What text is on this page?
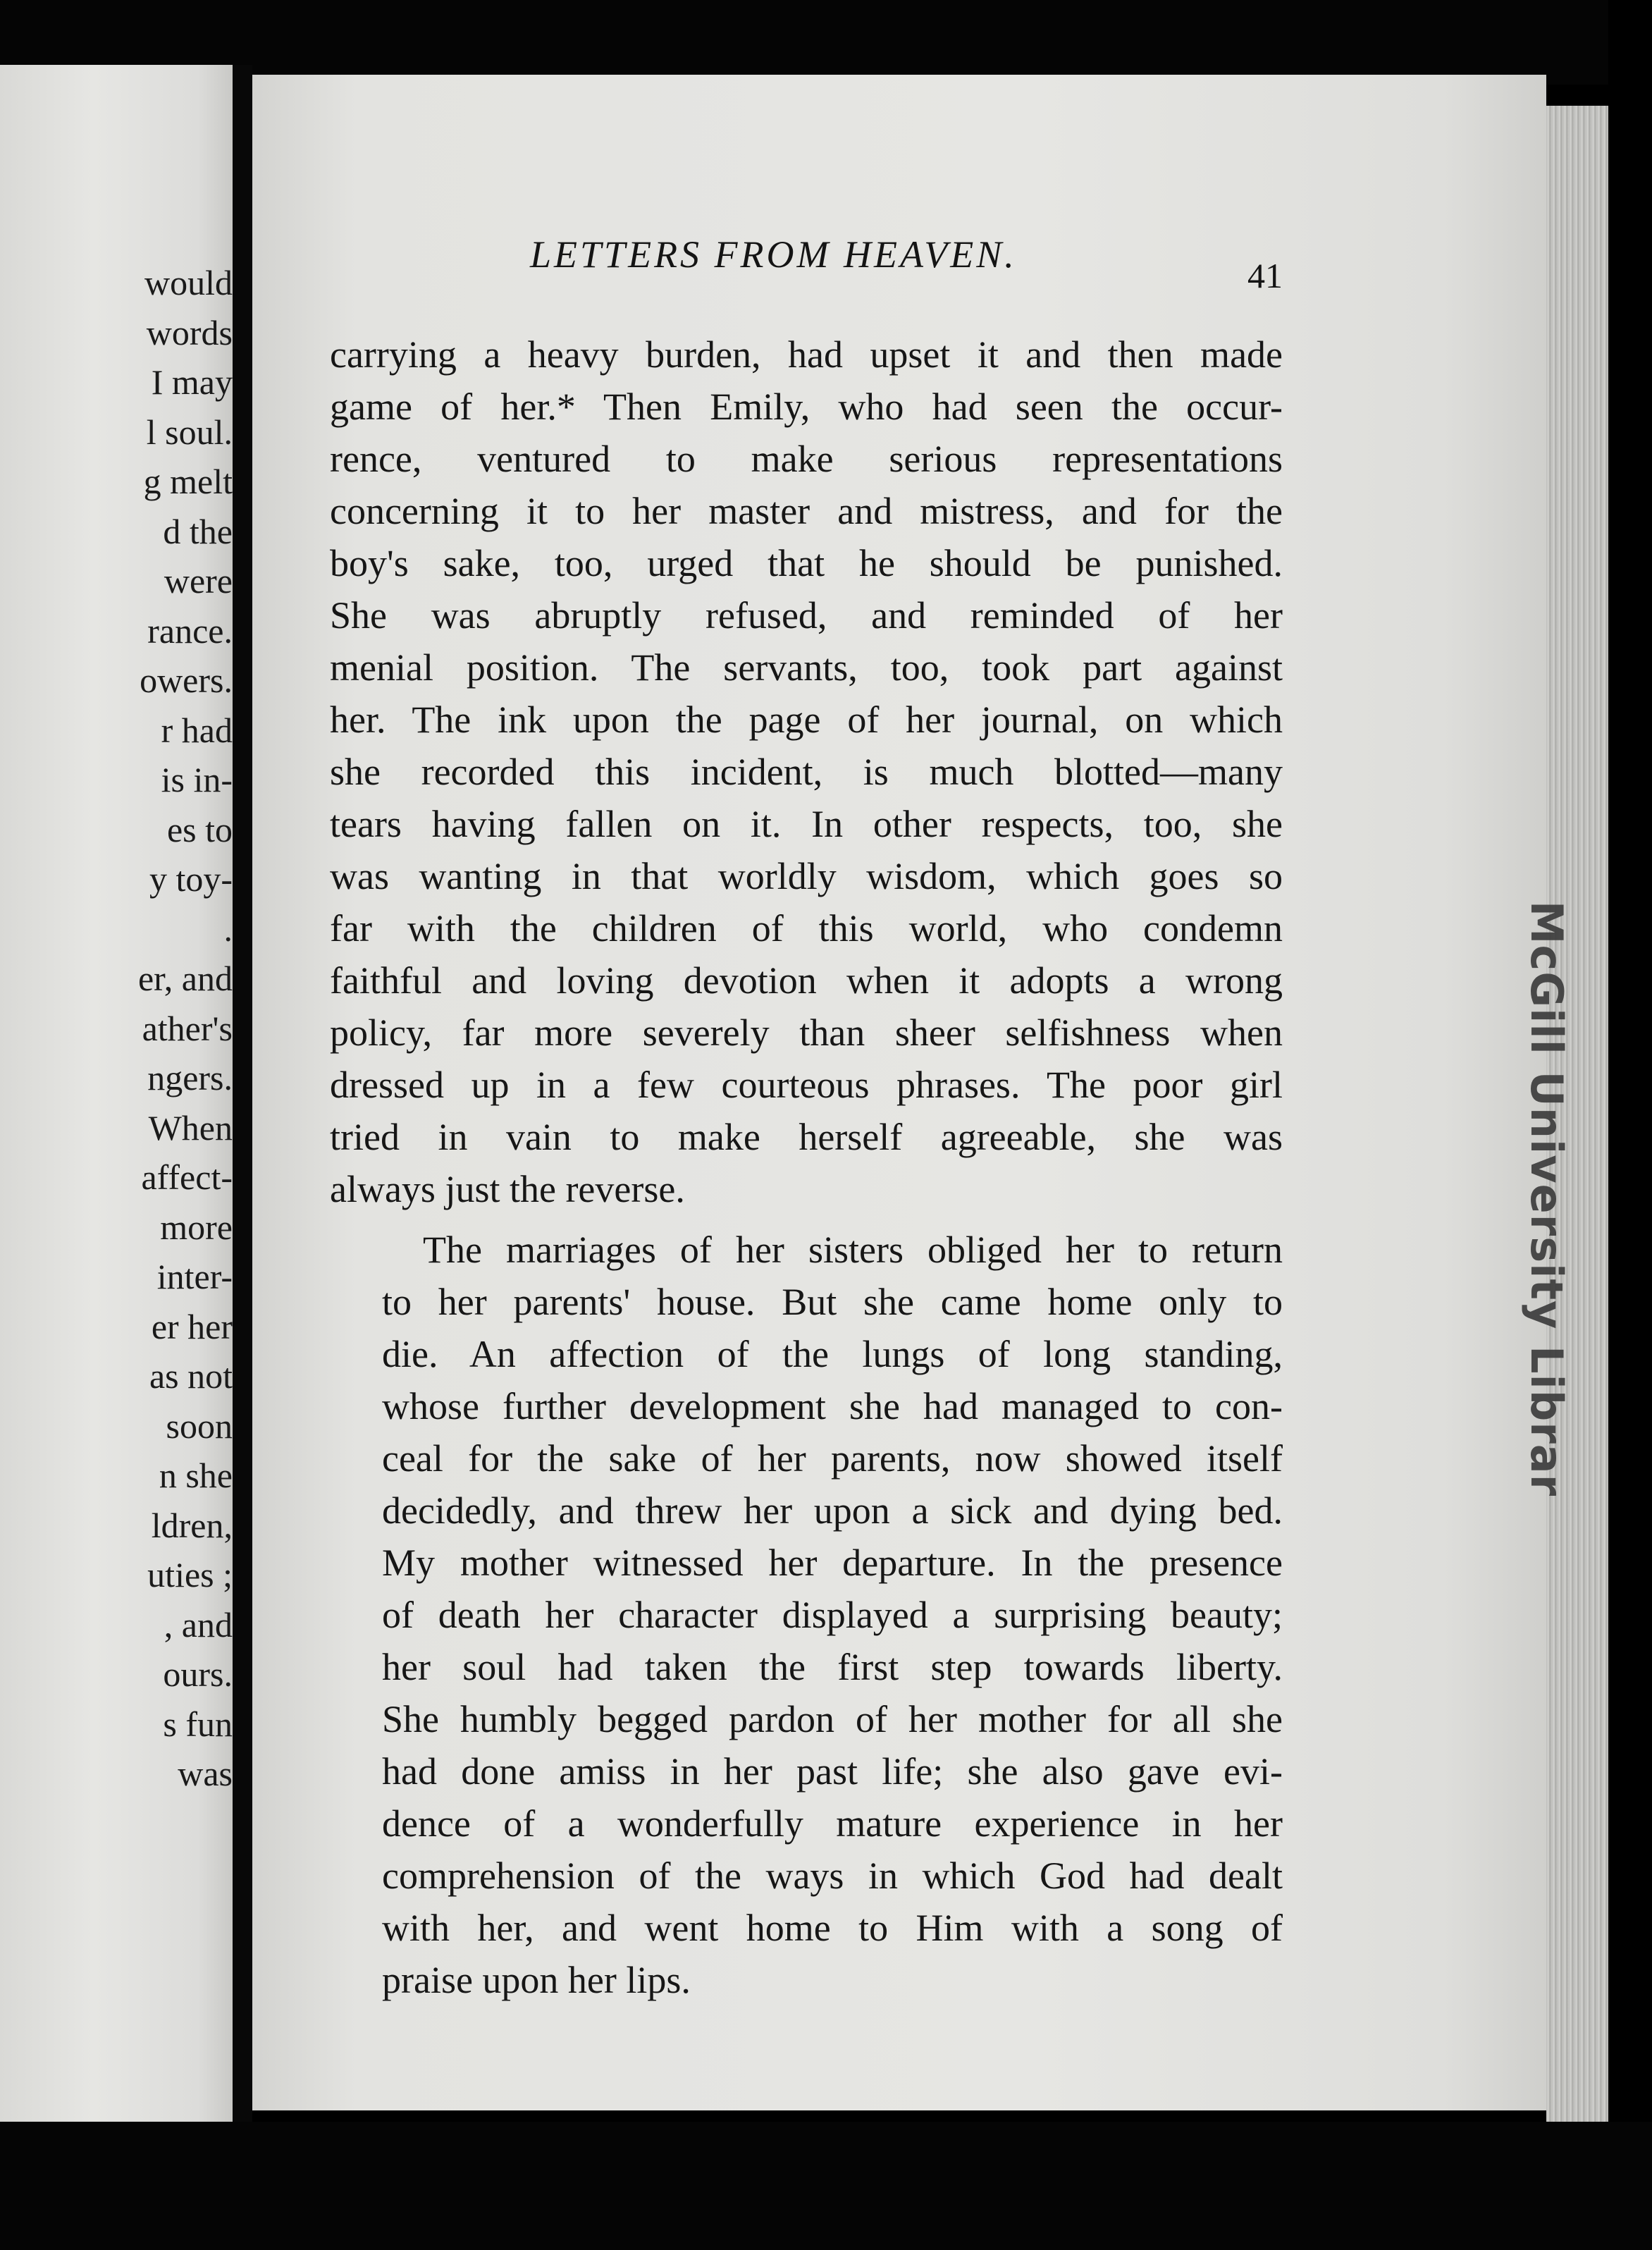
would
words
I may
l soul.
g melt
d the
were
rance.
owers.
r had
is in-
es to
y toy-
.
er, and
ather's
ngers.
When
affect-
more
inter-
er her
as not
soon
n she
ldren,
uties ;
, and
ours.
s fun
was
LETTERS FROM HEAVEN.	41

carrying a heavy burden, had upset it and then made
game of her.* Then Emily, who had seen the occur-
rence, ventured to make serious representations
concerning it to her master and mistress, and for the
boy's sake, too, urged that he should be punished.
She was abruptly refused, and reminded of her
menial position. The servants, too, took part against
her. The ink upon the page of her journal, on which
she recorded this incident, is much blotted—many
tears having fallen on it. In other respects, too, she
was wanting in that worldly wisdom, which goes so
far with the children of this world, who condemn
faithful and loving devotion when it adopts a wrong
policy, far more severely than sheer selfishness when
dressed up in a few courteous phrases. The poor girl
tried in vain to make herself agreeable, she was
always just the reverse.

The marriages of her sisters obliged her to return
to her parents' house. But she came home only to
die. An affection of the lungs of long standing,
whose further development she had managed to con-
ceal for the sake of her parents, now showed itself
decidedly, and threw her upon a sick and dying bed.
My mother witnessed her departure. In the presence
of death her character displayed a surprising beauty;
her soul had taken the first step towards liberty.
She humbly begged pardon of her mother for all she
had done amiss in her past life; she also gave evi-
dence of a wonderfully mature experience in her
comprehension of the ways in which God had dealt
with her, and went home to Him with a song of
praise upon her lips.

McGill University Librar
